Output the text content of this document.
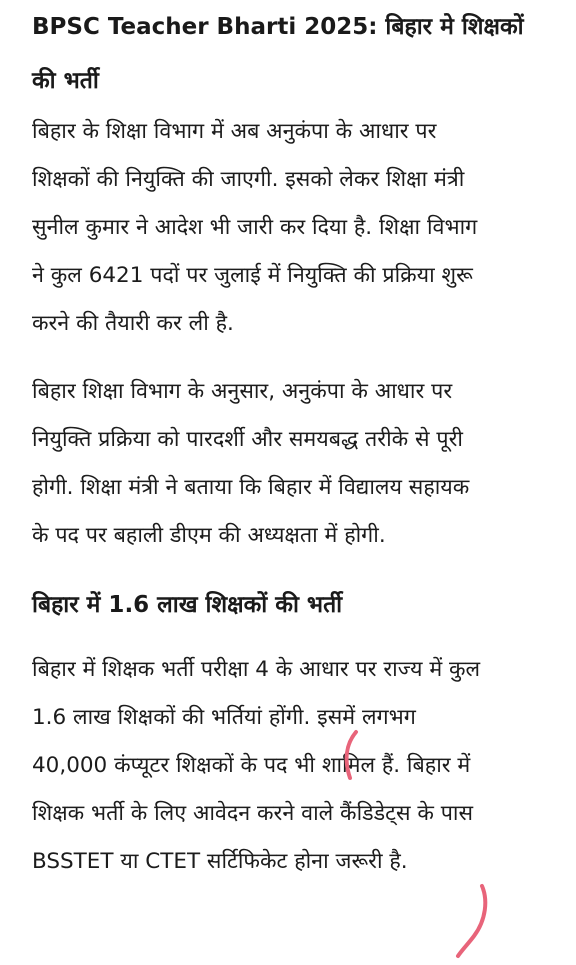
BPSC Teacher Bharti 2025: बिहार मे शिक्षकों
की भर्ती

बिहार के शिक्षा विभाग में अब अनुकंपा के आधार पर
शिक्षकों की नियुक्ति की जाएगी. इसको लेकर शिक्षा मंत्री
सुनील कुमार ने आदेश भी जारी कर दिया है. शिक्षा विभाग
ने कुल 6421 पदों पर जुलाई में नियुक्ति की प्रक्रिया शुरू
करने की तैयारी कर ली है.

बिहार शिक्षा विभाग के अनुसार, अनुकंपा के आधार पर
नियुक्ति प्रक्रिया को पारदर्शी और समयबद्ध तरीके से पूरी
होगी. शिक्षा मंत्री ने बताया कि बिहार में विद्यालय सहायक
के पद पर बहाली डीएम की अध्यक्षता में होगी.

बिहार में 1.6 लाख शिक्षकों की भर्ती

बिहार में शिक्षक भर्ती परीक्षा 4 के आधार पर राज्य में कुल
1.6 लाख शिक्षकों की भर्तियां होंगी. इसमें लगभग
40,000 कंप्यूटर शिक्षकों के पद भी शामिल हैं. बिहार में
शिक्षक भर्ती के लिए आवेदन करने वाले कैंडिडेट्स के पास
BSSTET या CTET सर्टिफिकेट होना जरूरी है.
